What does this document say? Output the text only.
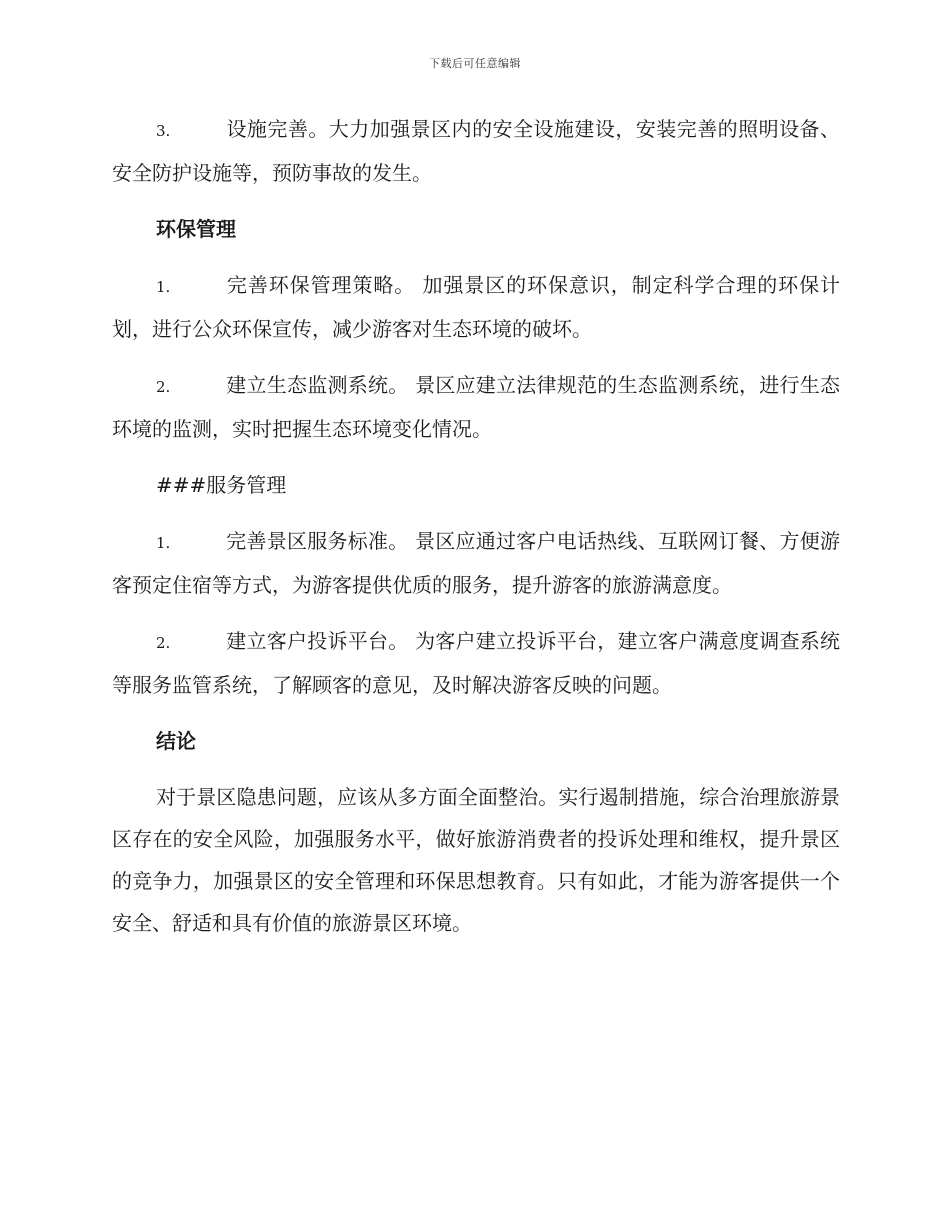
下载后可任意编辑

3.	设施完善。大力加强景区内的安全设施建设，安装完善的照明设备、安全防护设施等，预防事故的发生。

环保管理

1.	完善环保管理策略。 加强景区的环保意识，制定科学合理的环保计划，进行公众环保宣传，减少游客对生态环境的破坏。

2.	建立生态监测系统。 景区应建立法律规范的生态监测系统，进行生态环境的监测，实时把握生态环境变化情况。

###服务管理

1.	完善景区服务标准。 景区应通过客户电话热线、互联网订餐、方便游客预定住宿等方式，为游客提供优质的服务，提升游客的旅游满意度。

2.	建立客户投诉平台。 为客户建立投诉平台，建立客户满意度调查系统等服务监管系统，了解顾客的意见，及时解决游客反映的问题。

结论

对于景区隐患问题，应该从多方面全面整治。实行遏制措施，综合治理旅游景区存在的安全风险，加强服务水平，做好旅游消费者的投诉处理和维权，提升景区的竞争力，加强景区的安全管理和环保思想教育。只有如此，才能为游客提供一个安全、舒适和具有价值的旅游景区环境。
